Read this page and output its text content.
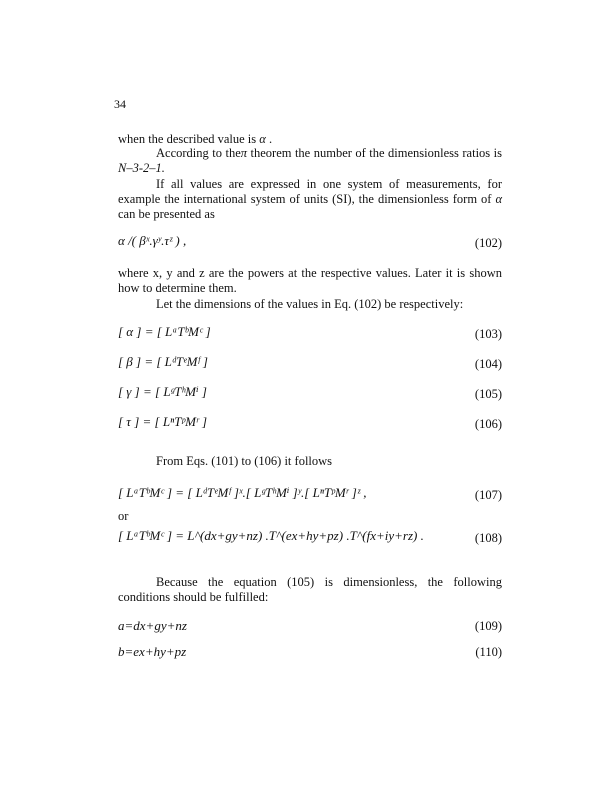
34
when the described value is α .
According to theπ theorem the number of the dimensionless ratios is N–3-2–1.
If all values are expressed in one system of measurements, for example the international system of units (SI), the dimensionless form of α can be presented as
α /( βˣ.γʸ.τᶻ ) ,	(102)
where x, y and z are the powers at the respective values. Later it is shown how to determine them.
Let the dimensions of the values in Eq. (102) be respectively:
[ α ] = [ LᵃTᵇMᶜ ]	(103)
[ β ] = [ LᵈTᵉMᶠ ]	(104)
[ γ ] = [ LᵍTʰMⁱ ]	(105)
[ τ ] = [ LⁿTᵖMʳ ]	(106)
From Eqs. (101) to (106) it follows
[ LᵃTᵇMᶜ ] = [ LᵈTᵉMᶠ ]ˣ.[ LᵍTʰMⁱ ]ʸ.[ LⁿTᵖMʳ ]ᶻ ,	(107)
or
[ LᵃTᵇMᶜ ] = L^(dx+gy+nz) .T^(ex+hy+pz) .T^(fx+iy+rz) .	(108)
Because the equation (105) is dimensionless, the following conditions should be fulfilled:
a=dx+gy+nz	(109)
b=ex+hy+pz	(110)
